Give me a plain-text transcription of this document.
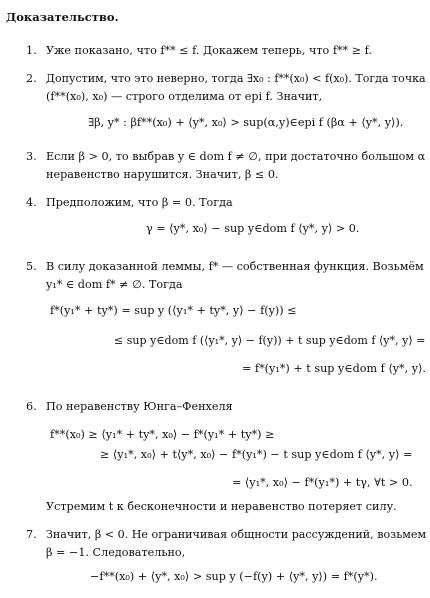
Доказательство.
1. Уже показано, что f** ≤ f. Докажем теперь, что f** ≥ f.
2. Допустим, что это неверно, тогда ∃x₀ : f**(x₀) < f(x₀). Тогда точка
(f**(x₀), x₀) — строго отделима от epi f. Значит,
∃β, y* : βf**(x₀) + ⟨y*, x₀⟩ > sup(α,y)∈epi f (βα + ⟨y*, y⟩).
3. Если β > 0, то выбрав y ∈ dom f ≠ ∅, при достаточно большом α
неравенство нарушится. Значит, β ≤ 0.
4. Предположим, что β = 0. Тогда
γ = ⟨y*, x₀⟩ − sup y∈dom f ⟨y*, y⟩ > 0.
5. В силу доказанной леммы, f* — собственная функция. Возьмём
y₁* ∈ dom f* ≠ ∅. Тогда
f*(y₁* + ty*) = sup y (⟨y₁* + ty*, y⟩ − f(y)) ≤
≤ sup y∈dom f (⟨y₁*, y⟩ − f(y)) + t sup y∈dom f ⟨y*, y⟩ =
= f*(y₁*) + t sup y∈dom f ⟨y*, y⟩.
6. По неравенству Юнга–Фенхеля
f**(x₀) ≥ ⟨y₁* + ty*, x₀⟩ − f*(y₁* + ty*) ≥
≥ ⟨y₁*, x₀⟩ + t⟨y*, x₀⟩ − f*(y₁*) − t sup y∈dom f ⟨y*, y⟩ =
= ⟨y₁*, x₀⟩ − f*(y₁*) + tγ, ∀t > 0.
Устремим t к бесконечности и неравенство потеряет силу.
7. Значит, β < 0. Не ограничивая общности рассуждений, возьмем
β = −1. Следовательно,
−f**(x₀) + ⟨y*, x₀⟩ > sup y (−f(y) + ⟨y*, y⟩) = f*(y*).
